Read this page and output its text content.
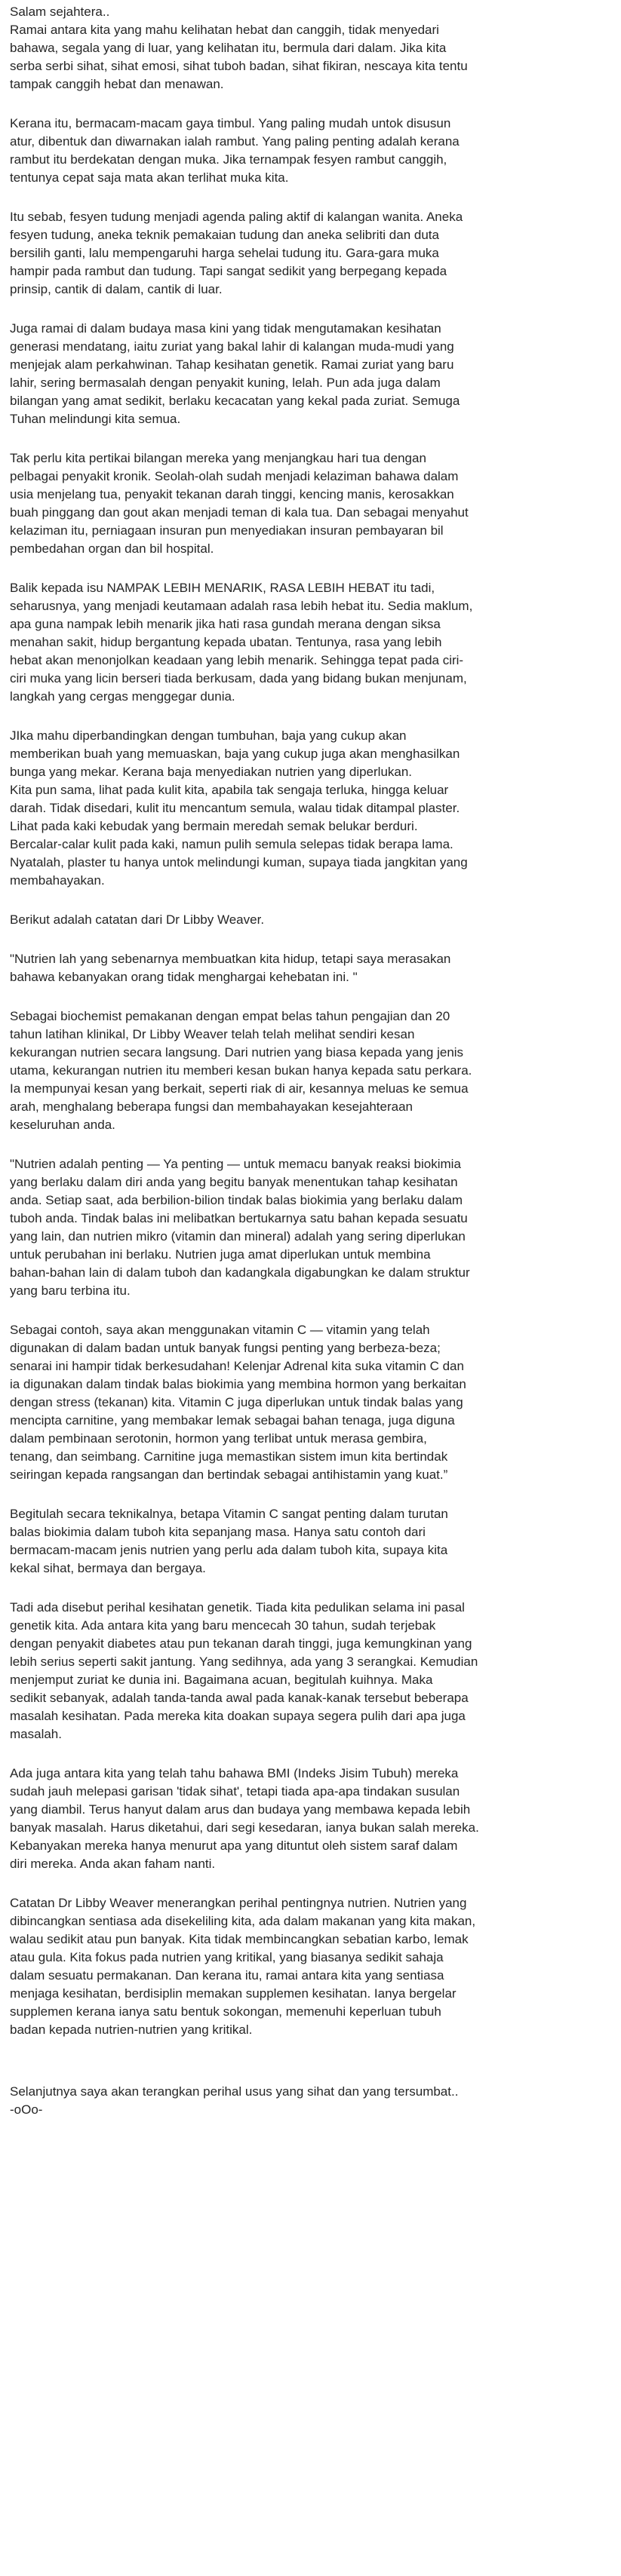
Salam sejahtera..
Ramai antara kita yang mahu kelihatan hebat dan canggih, tidak menyedari
bahawa, segala yang di luar, yang kelihatan itu, bermula dari dalam. Jika kita
serba serbi sihat, sihat emosi, sihat tuboh badan, sihat fikiran, nescaya kita tentu
tampak canggih hebat dan menawan.
Kerana itu, bermacam-macam gaya timbul. Yang paling mudah untok disusun
atur, dibentuk dan diwarnakan ialah rambut. Yang paling penting adalah kerana
rambut itu berdekatan dengan muka. Jika ternampak fesyen rambut canggih,
tentunya cepat saja mata akan terlihat muka kita.
Itu sebab, fesyen tudung menjadi agenda paling aktif di kalangan wanita. Aneka
fesyen tudung, aneka teknik pemakaian tudung dan aneka selibriti dan duta
bersilih ganti, lalu mempengaruhi harga sehelai tudung itu. Gara-gara muka
hampir pada rambut dan tudung. Tapi sangat sedikit yang berpegang kepada
prinsip, cantik di dalam, cantik di luar.
Juga ramai di dalam budaya masa kini yang tidak mengutamakan kesihatan
generasi mendatang, iaitu zuriat yang bakal lahir di kalangan muda-mudi yang
menjejak alam perkahwinan. Tahap kesihatan genetik. Ramai zuriat yang baru
lahir, sering bermasalah dengan penyakit kuning, lelah. Pun ada juga dalam
bilangan yang amat sedikit, berlaku kecacatan yang kekal pada zuriat. Semuga
Tuhan melindungi kita semua.
Tak perlu kita pertikai bilangan mereka yang menjangkau hari tua dengan
pelbagai penyakit kronik. Seolah-olah sudah menjadi kelaziman bahawa dalam
usia menjelang tua, penyakit tekanan darah tinggi, kencing manis, kerosakkan
buah pinggang dan gout akan menjadi teman di kala tua. Dan sebagai menyahut
kelaziman itu, perniagaan insuran pun menyediakan insuran pembayaran bil
pembedahan organ dan bil hospital.
Balik kepada isu NAMPAK LEBIH MENARIK, RASA LEBIH HEBAT itu tadi,
seharusnya, yang menjadi keutamaan adalah rasa lebih hebat itu. Sedia maklum,
apa guna nampak lebih menarik jika hati rasa gundah merana dengan siksa
menahan sakit, hidup bergantung kepada ubatan. Tentunya, rasa yang lebih
hebat akan menonjolkan keadaan yang lebih menarik. Sehingga tepat pada ciri-
ciri muka yang licin berseri tiada berkusam, dada yang bidang bukan menjunam,
langkah yang cergas menggegar dunia.
JIka mahu diperbandingkan dengan tumbuhan, baja yang cukup akan
memberikan buah yang memuaskan, baja yang cukup juga akan menghasilkan
bunga yang mekar. Kerana baja menyediakan nutrien yang diperlukan.
Kita pun sama, lihat pada kulit kita, apabila tak sengaja terluka, hingga keluar
darah. Tidak disedari, kulit itu mencantum semula, walau tidak ditampal plaster.
Lihat pada kaki kebudak yang bermain meredah semak belukar berduri.
Bercalar-calar kulit pada kaki, namun pulih semula selepas tidak berapa lama.
Nyatalah, plaster tu hanya untok melindungi kuman, supaya tiada jangkitan yang
membahayakan.
Berikut adalah catatan dari Dr Libby Weaver.
"Nutrien lah yang sebenarnya membuatkan kita hidup, tetapi saya merasakan
bahawa kebanyakan orang tidak menghargai kehebatan ini. "
Sebagai biochemist pemakanan dengan empat belas tahun pengajian dan 20
tahun latihan klinikal, Dr Libby Weaver telah telah melihat sendiri kesan
kekurangan nutrien secara langsung. Dari nutrien yang biasa kepada yang jenis
utama, kekurangan nutrien itu memberi kesan bukan hanya kepada satu perkara.
Ia mempunyai kesan yang berkait, seperti riak di air, kesannya meluas ke semua
arah, menghalang beberapa fungsi dan membahayakan kesejahteraan
keseluruhan anda.
"Nutrien adalah penting — Ya penting — untuk memacu banyak reaksi biokimia
yang berlaku dalam diri anda yang begitu banyak menentukan tahap kesihatan
anda. Setiap saat, ada berbilion-bilion tindak balas biokimia yang berlaku dalam
tuboh anda. Tindak balas ini melibatkan bertukarnya satu bahan kepada sesuatu
yang lain, dan nutrien mikro (vitamin dan mineral) adalah yang sering diperlukan
untuk perubahan ini berlaku. Nutrien juga amat diperlukan untuk membina
bahan-bahan lain di dalam tuboh dan kadangkala digabungkan ke dalam struktur
yang baru terbina itu.
Sebagai contoh, saya akan menggunakan vitamin C — vitamin yang telah
digunakan di dalam badan untuk banyak fungsi penting yang berbeza-beza;
senarai ini hampir tidak berkesudahan! Kelenjar Adrenal kita suka vitamin C dan
ia digunakan dalam tindak balas biokimia yang membina hormon yang berkaitan
dengan stress (tekanan) kita. Vitamin C juga diperlukan untuk tindak balas yang
mencipta carnitine, yang membakar lemak sebagai bahan tenaga, juga diguna
dalam pembinaan serotonin, hormon yang terlibat untuk merasa gembira,
tenang, dan seimbang. Carnitine juga memastikan sistem imun kita bertindak
seiringan kepada rangsangan dan bertindak sebagai antihistamin yang kuat.”
Begitulah secara teknikalnya, betapa Vitamin C sangat penting dalam turutan
balas biokimia dalam tuboh kita sepanjang masa. Hanya satu contoh dari
bermacam-macam jenis nutrien yang perlu ada dalam tuboh kita, supaya kita
kekal sihat, bermaya dan bergaya.
Tadi ada disebut perihal kesihatan genetik. Tiada kita pedulikan selama ini pasal
genetik kita. Ada antara kita yang baru mencecah 30 tahun, sudah terjebak
dengan penyakit diabetes atau pun tekanan darah tinggi, juga kemungkinan yang
lebih serius seperti sakit jantung. Yang sedihnya, ada yang 3 serangkai. Kemudian
menjemput zuriat ke dunia ini. Bagaimana acuan, begitulah kuihnya. Maka
sedikit sebanyak, adalah tanda-tanda awal pada kanak-kanak tersebut beberapa
masalah kesihatan. Pada mereka kita doakan supaya segera pulih dari apa juga
masalah.
Ada juga antara kita yang telah tahu bahawa BMI (Indeks Jisim Tubuh) mereka
sudah jauh melepasi garisan 'tidak sihat', tetapi tiada apa-apa tindakan susulan
yang diambil. Terus hanyut dalam arus dan budaya yang membawa kepada lebih
banyak masalah. Harus diketahui, dari segi kesedaran, ianya bukan salah mereka.
Kebanyakan mereka hanya menurut apa yang dituntut oleh sistem saraf dalam
diri mereka. Anda akan faham nanti.
Catatan Dr Libby Weaver menerangkan perihal pentingnya nutrien. Nutrien yang
dibincangkan sentiasa ada disekeliling kita, ada dalam makanan yang kita makan,
walau sedikit atau pun banyak. Kita tidak membincangkan sebatian karbo, lemak
atau gula. Kita fokus pada nutrien yang kritikal, yang biasanya sedikit sahaja
dalam sesuatu permakanan. Dan kerana itu, ramai antara kita yang sentiasa
menjaga kesihatan, berdisiplin memakan supplemen kesihatan. Ianya bergelar
supplemen kerana ianya satu bentuk sokongan, memenuhi keperluan tubuh
badan kepada nutrien-nutrien yang kritikal.
Selanjutnya saya akan terangkan perihal usus yang sihat dan yang tersumbat..
-oOo-
